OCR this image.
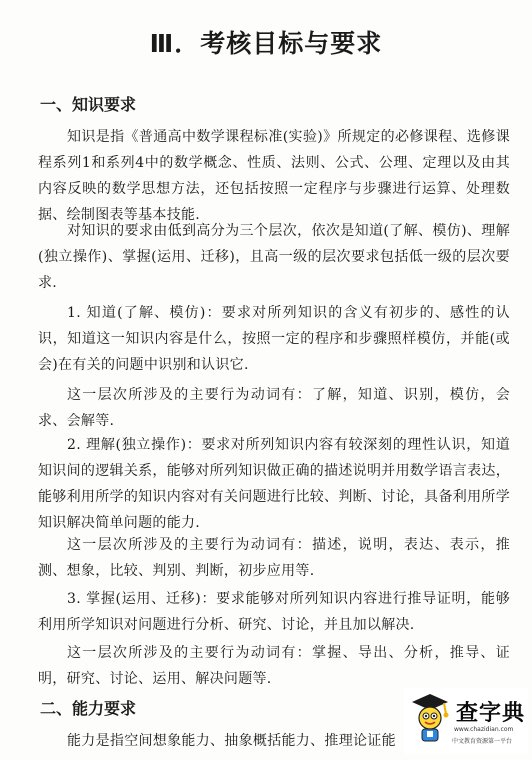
Ⅲ．考核目标与要求
一、知识要求
知识是指《普通高中数学课程标准(实验)》所规定的必修课程、选修课程系列1和系列4中的数学概念、性质、法则、公式、公理、定理以及由其内容反映的数学思想方法，还包括按照一定程序与步骤进行运算、处理数据、绘制图表等基本技能.
对知识的要求由低到高分为三个层次，依次是知道(了解、模仿)、理解(独立操作)、掌握(运用、迁移)，且高一级的层次要求包括低一级的层次要求.
1. 知道(了解、模仿)：要求对所列知识的含义有初步的、感性的认识，知道这一知识内容是什么，按照一定的程序和步骤照样模仿，并能(或会)在有关的问题中识别和认识它.
这一层次所涉及的主要行为动词有：了解，知道、识别，模仿，会求、会解等.
2. 理解(独立操作)：要求对所列知识内容有较深刻的理性认识，知道知识间的逻辑关系，能够对所列知识做正确的描述说明并用数学语言表达，能够利用所学的知识内容对有关问题进行比较、判断、讨论，具备利用所学知识解决简单问题的能力.
这一层次所涉及的主要行为动词有：描述，说明，表达、表示，推测、想象，比较、判别、判断，初步应用等.
3. 掌握(运用、迁移)：要求能够对所列知识内容进行推导证明，能够利用所学知识对问题进行分析、研究、讨论，并且加以解决.
这一层次所涉及的主要行为动词有：掌握、导出、分析，推导、证明，研究、讨论、运用、解决问题等.
二、能力要求
能力是指空间想象能力、抽象概括能力、推理论证能
查字典
www.chazidian.com
中文教育资源第一平台
